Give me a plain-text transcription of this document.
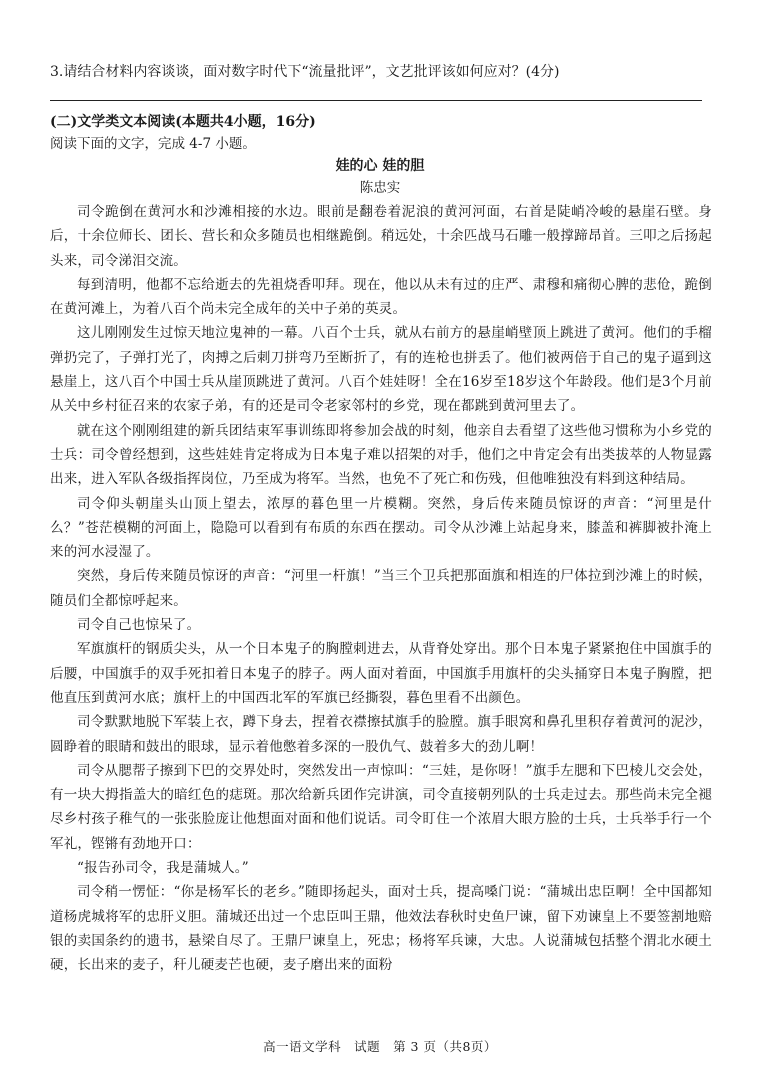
3.请结合材料内容谈谈，面对数字时代下“流量批评”，文艺批评该如何应对？(4分)
(二)文学类文本阅读(本题共4小题，16分)
阅读下面的文字，完成 4-7 小题。
娃的心 娃的胆
陈忠实

司令跪倒在黄河水和沙滩相接的水边。眼前是翻卷着泥浪的黄河河面，右首是陡峭冷峻的悬崖石壁。身后，十余位师长、团长、营长和众多随员也相继跪倒。稍远处，十余匹战马石雕一般撑蹄昂首。三叩之后扬起头来，司令涕泪交流。

每到清明，他都不忘给逝去的先祖烧香叩拜。现在，他以从未有过的庄严、肃穆和痛彻心脾的悲伧，跪倒在黄河滩上，为着八百个尚未完全成年的关中子弟的英灵。

这儿刚刚发生过惊天地泣鬼神的一幕。八百个士兵，就从右前方的悬崖峭壁顶上跳进了黄河。他们的手榴弹扔完了，子弹打光了，肉搏之后刺刀拼弯乃至断折了，有的连枪也拼丢了。他们被两倍于自己的鬼子逼到这悬崖上，这八百个中国士兵从崖顶跳进了黄河。八百个娃娃呀！全在16岁至18岁这个年龄段。他们是3个月前从关中乡村征召来的农家子弟，有的还是司令老家邻村的乡党，现在都跳到黄河里去了。

就在这个刚刚组建的新兵团结束军事训练即将参加会战的时刻，他亲自去看望了这些他习惯称为小乡党的士兵：司令曾经想到，这些娃娃肯定将成为日本鬼子难以招架的对手，他们之中肯定会有出类拔萃的人物显露出来，进入军队各级指挥岗位，乃至成为将军。当然，也免不了死亡和伤残，但他唯独没有料到这种结局。

司令仰头朝崖头山顶上望去，浓厚的暮色里一片模糊。突然，身后传来随员惊讶的声音：“河里是什么？”苍茫模糊的河面上，隐隐可以看到有布质的东西在摆动。司令从沙滩上站起身来，膝盖和裤脚被扑淹上来的河水浸湿了。

突然，身后传来随员惊讶的声音：“河里一杆旗！”当三个卫兵把那面旗和相连的尸体拉到沙滩上的时候，随员们全都惊呼起来。

司令自己也惊呆了。

军旗旗杆的钢质尖头，从一个日本鬼子的胸膛刺进去，从背脊处穿出。那个日本鬼子紧紧抱住中国旗手的后腰，中国旗手的双手死扣着日本鬼子的脖子。两人面对着面，中国旗手用旗杆的尖头捅穿日本鬼子胸膛，把他直压到黄河水底；旗杆上的中国西北军的军旗已经撕裂，暮色里看不出颜色。

司令默默地脱下军装上衣，蹲下身去，捏着衣襟擦拭旗手的脸膛。旗手眼窝和鼻孔里积存着黄河的泥沙，圆睁着的眼睛和鼓出的眼球，显示着他憋着多深的一股仇气、鼓着多大的劲儿啊！

司令从腮帮子擦到下巴的交界处时，突然发出一声惊叫：“三娃，是你呀！”旗手左腮和下巴棱儿交会处，有一块大拇指盖大的暗红色的痣斑。那次给新兵团作完讲演，司令直接朝列队的士兵走过去。那些尚未完全褪尽乡村孩子稚气的一张张脸庞让他想面对面和他们说话。司令盯住一个浓眉大眼方脸的士兵，士兵举手行一个军礼，铿锵有劲地开口：

“报告孙司令，我是蒲城人。”

司令稍一愣怔：“你是杨军长的老乡。”随即扬起头，面对士兵，提高嗓门说：“蒲城出忠臣啊！全中国都知道杨虎城将军的忠肝义胆。蒲城还出过一个忠臣叫王鼎，他效法春秋时史鱼尸谏，留下劝谏皇上不要签割地赔银的卖国条约的遗书，悬梁自尽了。王鼎尸谏皇上，死忠；杨将军兵谏，大忠。人说蒲城包括整个渭北水硬土硬，长出来的麦子，秆儿硬麦芒也硬，麦子磨出来的面粉

高一语文学科　试题　第 3 页（共8页）
